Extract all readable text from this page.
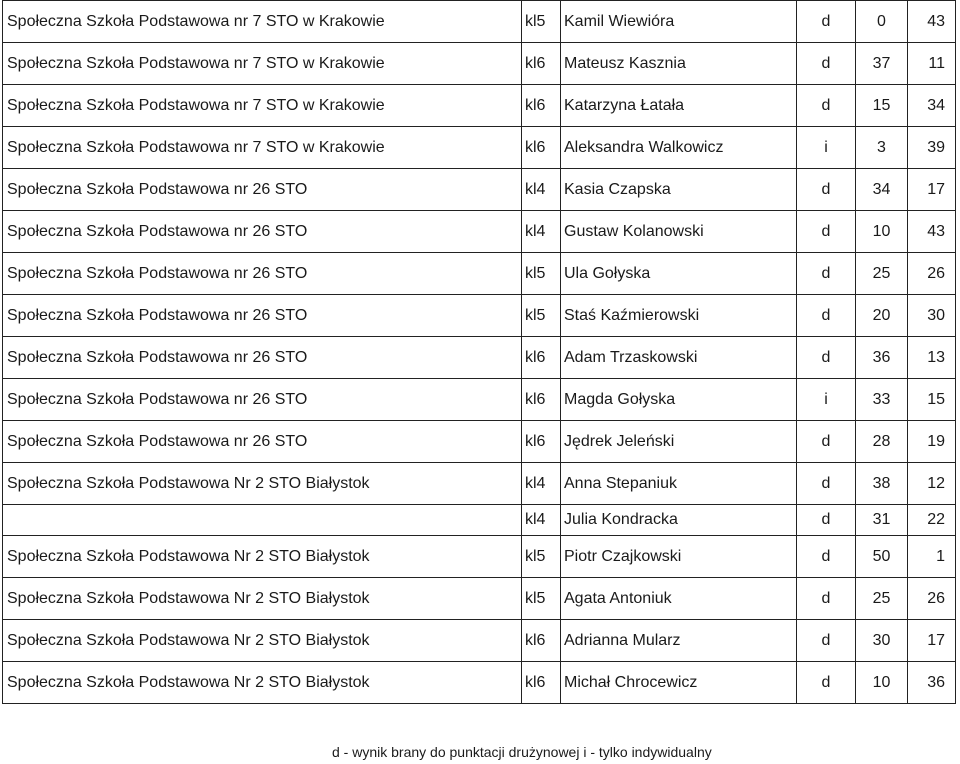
Społeczna Szkoła Podstawowa nr 7 STO w Krakowie	kl5	Kamil Wiewióra	d	0	43
Społeczna Szkoła Podstawowa nr 7 STO w Krakowie	kl6	Mateusz Kasznia	d	37	11
Społeczna Szkoła Podstawowa nr 7 STO w Krakowie	kl6	Katarzyna Łatała	d	15	34
Społeczna Szkoła Podstawowa nr 7 STO w Krakowie	kl6	Aleksandra Walkowicz	i	3	39
Społeczna Szkoła Podstawowa nr 26 STO	kl4	Kasia Czapska	d	34	17
Społeczna Szkoła Podstawowa nr 26 STO	kl4	Gustaw Kolanowski	d	10	43
Społeczna Szkoła Podstawowa nr 26 STO	kl5	Ula Gołyska	d	25	26
Społeczna Szkoła Podstawowa nr 26 STO	kl5	Staś Kaźmierowski	d	20	30
Społeczna Szkoła Podstawowa nr 26 STO	kl6	Adam Trzaskowski	d	36	13
Społeczna Szkoła Podstawowa nr 26 STO	kl6	Magda Gołyska	i	33	15
Społeczna Szkoła Podstawowa nr 26 STO	kl6	Jędrek Jeleński	d	28	19
Społeczna Szkoła Podstawowa Nr 2 STO Białystok	kl4	Anna Stepaniuk	d	38	12
	kl4	Julia Kondracka	d	31	22
Społeczna Szkoła Podstawowa Nr 2 STO Białystok	kl5	Piotr Czajkowski	d	50	1
Społeczna Szkoła Podstawowa Nr 2 STO Białystok	kl5	Agata Antoniuk	d	25	26
Społeczna Szkoła Podstawowa Nr 2 STO Białystok	kl6	Adrianna Mularz	d	30	17
Społeczna Szkoła Podstawowa Nr 2 STO Białystok	kl6	Michał Chrocewicz	d	10	36
d - wynik brany do punktacji drużynowej i - tylko indywidualny
